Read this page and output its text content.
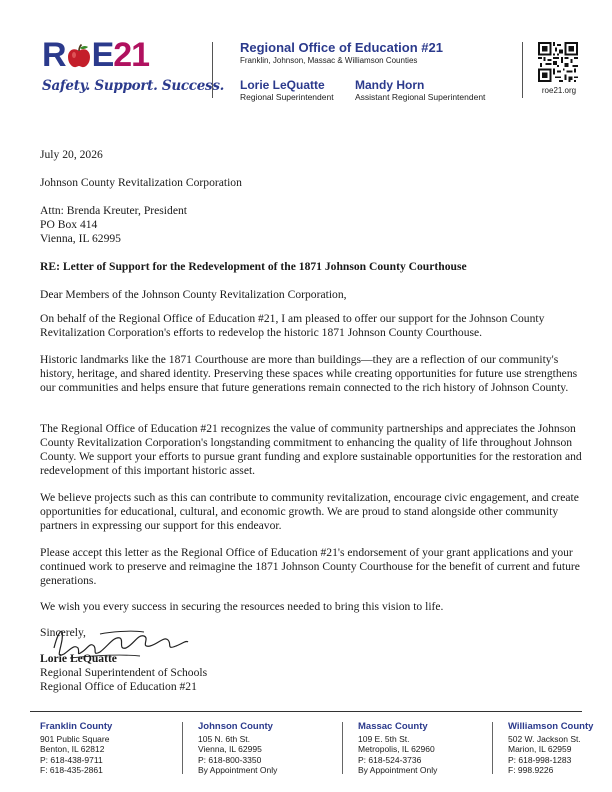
R E21
Safety. Support. Success.
Regional Office of Education #21
Franklin, Johnson, Massac & Williamson Counties
Lorie LeQuatte
Regional Superintendent
Mandy Horn
Assistant Regional Superintendent
roe21.org
July 20, 2026
Johnson County Revitalization Corporation
Attn: Brenda Kreuter, President
PO Box 414
Vienna, IL 62995
RE: Letter of Support for the Redevelopment of the 1871 Johnson County Courthouse
Dear Members of the Johnson County Revitalization Corporation,
On behalf of the Regional Office of Education #21, I am pleased to offer our support for the Johnson County Revitalization Corporation's efforts to redevelop the historic 1871 Johnson County Courthouse.
Historic landmarks like the 1871 Courthouse are more than buildings—they are a reflection of our community's history, heritage, and shared identity. Preserving these spaces while creating opportunities for future use strengthens our communities and helps ensure that future generations remain connected to the rich history of Johnson County.
The Regional Office of Education #21 recognizes the value of community partnerships and appreciates the Johnson County Revitalization Corporation's longstanding commitment to enhancing the quality of life throughout Johnson County. We support your efforts to pursue grant funding and explore sustainable opportunities for the restoration and redevelopment of this important historic asset.
We believe projects such as this can contribute to community revitalization, encourage civic engagement, and create opportunities for educational, cultural, and economic growth. We are proud to stand alongside other community partners in expressing our support for this endeavor.
Please accept this letter as the Regional Office of Education #21's endorsement of your grant applications and your continued work to preserve and reimagine the 1871 Johnson County Courthouse for the benefit of current and future generations.
We wish you every success in securing the resources needed to bring this vision to life.
Sincerely,
Lorie LeQuatte
Regional Superintendent of Schools
Regional Office of Education #21
Franklin County
901 Public Square
Benton, IL 62812
P: 618-438-9711
F: 618-435-2861
Johnson County
105 N. 6th St.
Vienna, IL 62995
P: 618-800-3350
By Appointment Only
Massac County
109 E. 5th St.
Metropolis, IL 62960
P: 618-524-3736
By Appointment Only
Williamson County
502 W. Jackson St.
Marion, IL 62959
P: 618-998-1283
F: 998.9226
